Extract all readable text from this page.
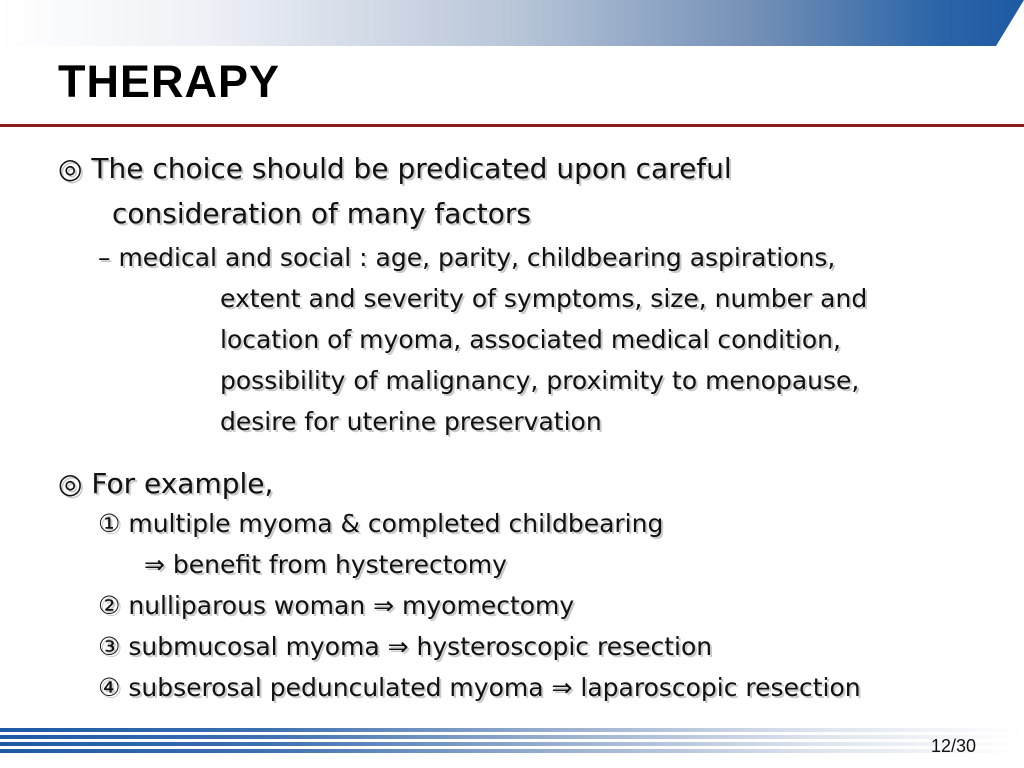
THERAPY
◎ The choice should be predicated upon careful
consideration of many factors
– medical and social : age, parity, childbearing aspirations,
extent and severity of symptoms, size, number and
location of myoma, associated medical condition,
possibility of malignancy, proximity to menopause,
desire for uterine preservation
◎ For example,
① multiple myoma & completed childbearing
⇒ benefit from hysterectomy
② nulliparous woman ⇒ myomectomy
③ submucosal myoma ⇒ hysteroscopic resection
④ subserosal pedunculated myoma ⇒ laparoscopic resection
12/30
